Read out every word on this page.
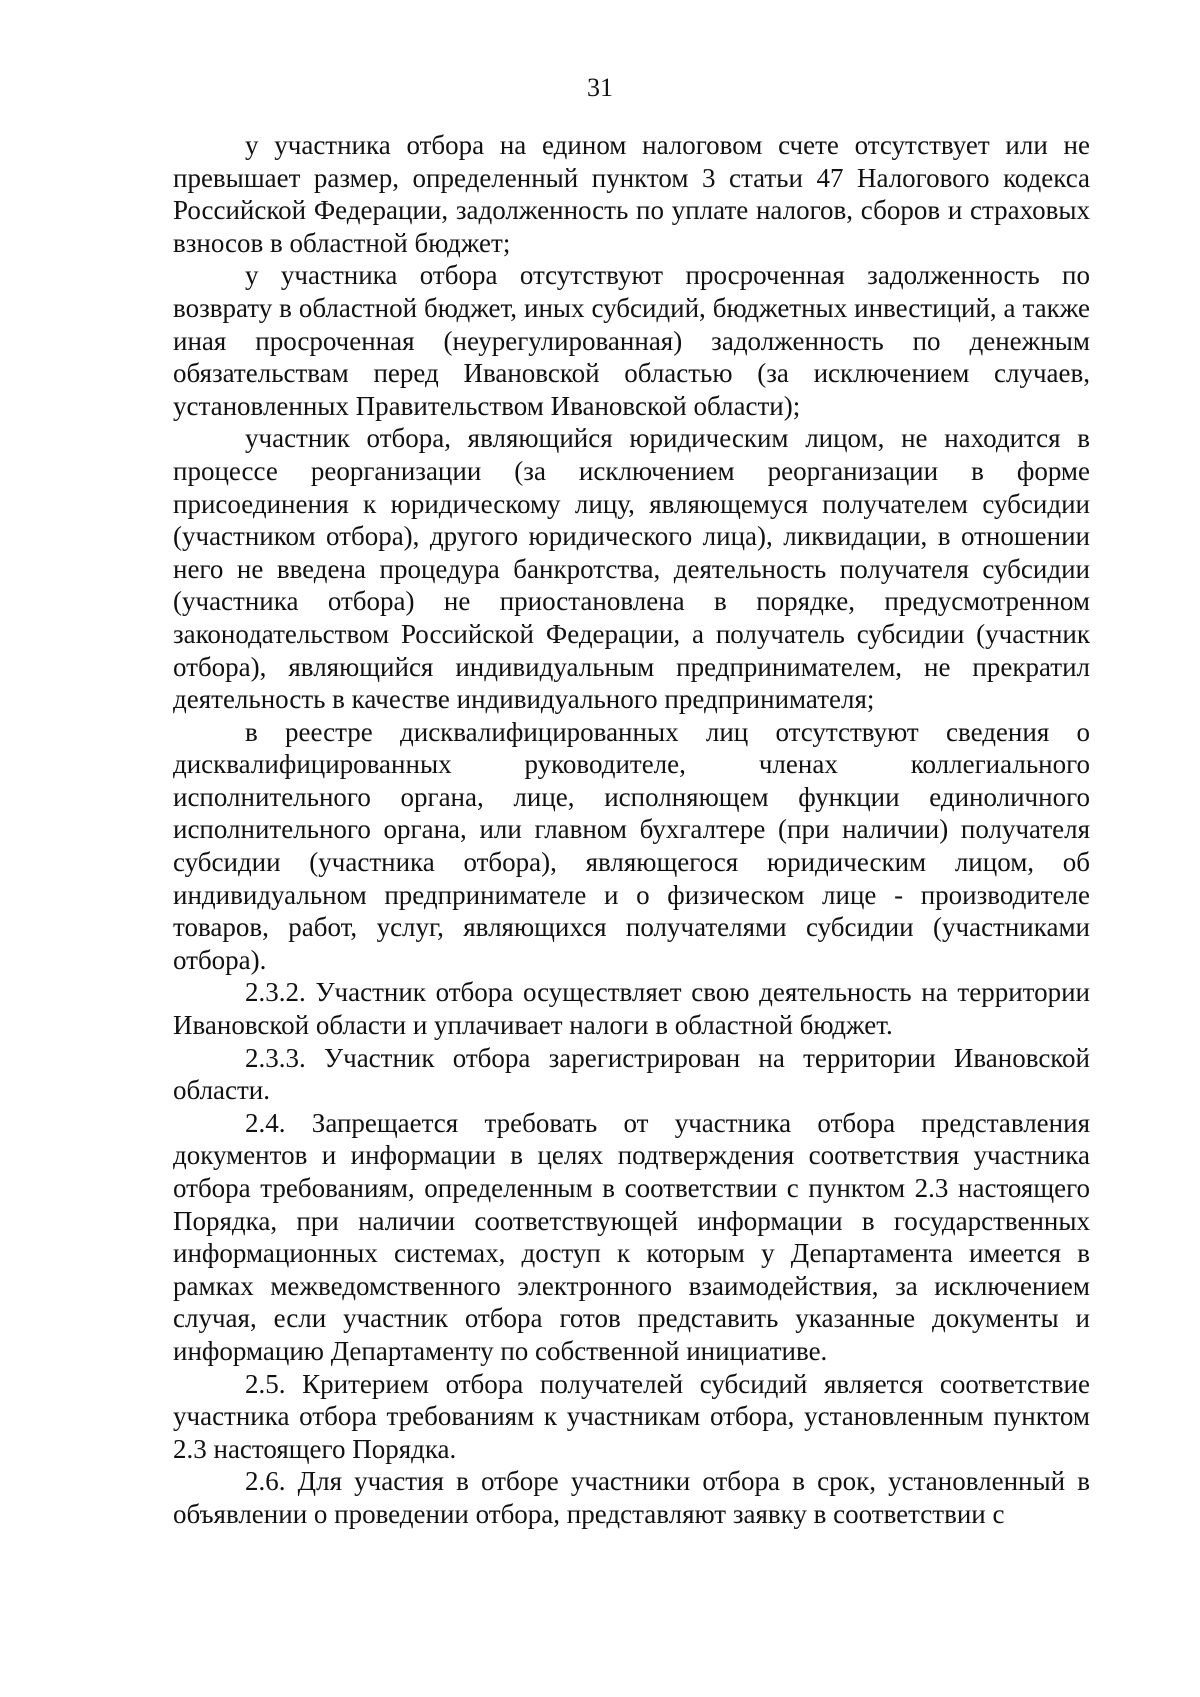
31

у участника отбора на едином налоговом счете отсутствует или не превышает размер, определенный пунктом 3 статьи 47 Налогового кодекса Российской Федерации, задолженность по уплате налогов, сборов и страховых взносов в областной бюджет;

у участника отбора отсутствуют просроченная задолженность по возврату в областной бюджет, иных субсидий, бюджетных инвестиций, а также иная просроченная (неурегулированная) задолженность по денежным обязательствам перед Ивановской областью (за исключением случаев, установленных Правительством Ивановской области);

участник отбора, являющийся юридическим лицом, не находится в процессе реорганизации (за исключением реорганизации в форме присоединения к юридическому лицу, являющемуся получателем субсидии (участником отбора), другого юридического лица), ликвидации, в отношении него не введена процедура банкротства, деятельность получателя субсидии (участника отбора) не приостановлена в порядке, предусмотренном законодательством Российской Федерации, а получатель субсидии (участник отбора), являющийся индивидуальным предпринимателем, не прекратил деятельность в качестве индивидуального предпринимателя;

в реестре дисквалифицированных лиц отсутствуют сведения о дисквалифицированных руководителе, членах коллегиального исполнительного органа, лице, исполняющем функции единоличного исполнительного органа, или главном бухгалтере (при наличии) получателя субсидии (участника отбора), являющегося юридическим лицом, об индивидуальном предпринимателе и о физическом лице - производителе товаров, работ, услуг, являющихся получателями субсидии (участниками отбора).

2.3.2. Участник отбора осуществляет свою деятельность на территории Ивановской области и уплачивает налоги в областной бюджет.

2.3.3. Участник отбора зарегистрирован на территории Ивановской области.

2.4. Запрещается требовать от участника отбора представления документов и информации в целях подтверждения соответствия участника отбора требованиям, определенным в соответствии с пунктом 2.3 настоящего Порядка, при наличии соответствующей информации в государственных информационных системах, доступ к которым у Департамента имеется в рамках межведомственного электронного взаимодействия, за исключением случая, если участник отбора готов представить указанные документы и информацию Департаменту по собственной инициативе.

2.5. Критерием отбора получателей субсидий является соответствие участника отбора требованиям к участникам отбора, установленным пунктом 2.3 настоящего Порядка.

2.6. Для участия в отборе участники отбора в срок, установленный в объявлении о проведении отбора, представляют заявку в соответствии с
